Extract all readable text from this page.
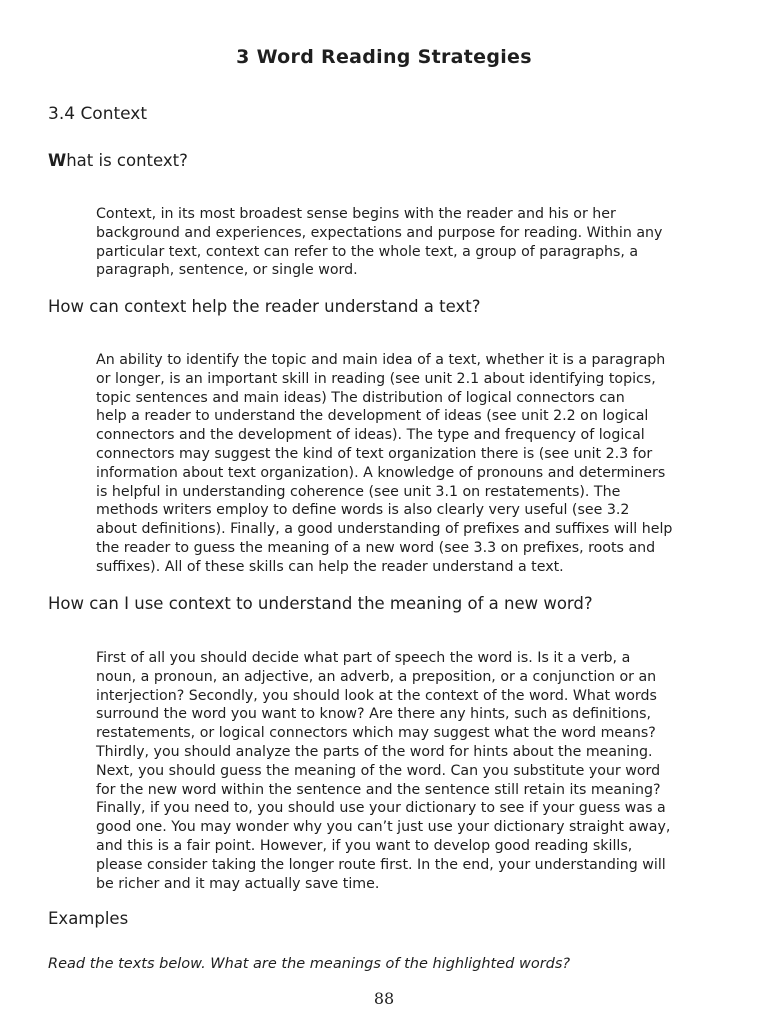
3 Word Reading Strategies
3.4 Context
What is context?

Context, in its most broadest sense begins with the reader and his or her
background and experiences, expectations and purpose for reading. Within any
particular text, context can refer to the whole text, a group of paragraphs, a
paragraph, sentence, or single word.

How can context help the reader understand a text?

An ability to identify the topic and main idea of a text, whether it is a paragraph
or longer, is an important skill in reading (see unit 2.1 about identifying topics,
topic sentences and main ideas) The distribution of logical connectors can
help a reader to understand the development of ideas (see unit 2.2 on logical
connectors and the development of ideas). The type and frequency of logical
connectors may suggest the kind of text organization there is (see unit 2.3 for
information about text organization). A knowledge of pronouns and determiners
is helpful in understanding coherence (see unit 3.1 on restatements). The
methods writers employ to define words is also clearly very useful (see 3.2
about definitions). Finally, a good understanding of prefixes and suffixes will help
the reader to guess the meaning of a new word (see 3.3 on prefixes, roots and
suffixes). All of these skills can help the reader understand a text.

How can I use context to understand the meaning of a new word?

First of all you should decide what part of speech the word is. Is it a verb, a
noun, a pronoun, an adjective, an adverb, a preposition, or a conjunction or an
interjection? Secondly, you should look at the context of the word. What words
surround the word you want to know? Are there any hints, such as definitions,
restatements, or logical connectors which may suggest what the word means?
Thirdly, you should analyze the parts of the word for hints about the meaning.
Next, you should guess the meaning of the word. Can you substitute your word
for the new word within the sentence and the sentence still retain its meaning?
Finally, if you need to, you should use your dictionary to see if your guess was a
good one. You may wonder why you can’t just use your dictionary straight away,
and this is a fair point. However, if you want to develop good reading skills,
please consider taking the longer route first. In the end, your understanding will
be richer and it may actually save time.

Examples

Read the texts below. What are the meanings of the highlighted words?

88
